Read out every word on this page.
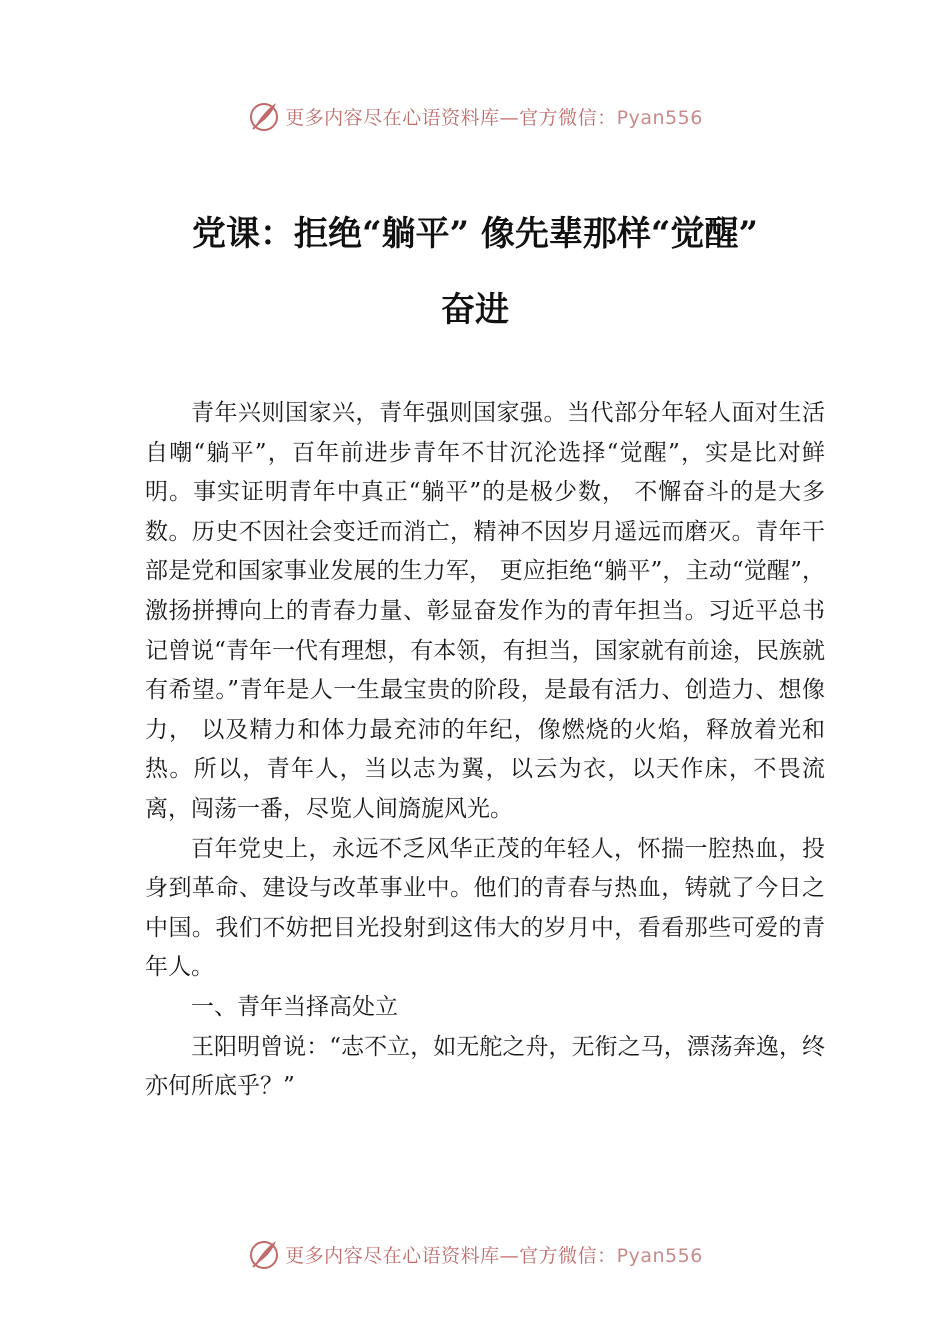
更多内容尽在心语资料库—官方微信：Pyan556
党课：拒绝“躺平” 像先辈那样“觉醒”
奋进

青年兴则国家兴，青年强则国家强。当代部分年轻人面对生活自嘲“躺平”，百年前进步青年不甘沉沦选择“觉醒”，实是比对鲜明。事实证明青年中真正“躺平”的是极少数， 不懈奋斗的是大多数。历史不因社会变迁而消亡，精神不因岁月遥远而磨灭。青年干部是党和国家事业发展的生力军， 更应拒绝“躺平”，主动“觉醒”，激扬拼搏向上的青春力量、彰显奋发作为的青年担当。习近平总书记曾说“青年一代有理想，有本领，有担当，国家就有前途，民族就有希望。”青年是人一生最宝贵的阶段，是最有活力、创造力、想像力， 以及精力和体力最充沛的年纪，像燃烧的火焰，释放着光和热。所以，青年人，当以志为翼，以云为衣，以天作床，不畏流离，闯荡一番，尽览人间旖旎风光。

百年党史上，永远不乏风华正茂的年轻人，怀揣一腔热血，投身到革命、建设与改革事业中。他们的青春与热血，铸就了今日之中国。我们不妨把目光投射到这伟大的岁月中，看看那些可爱的青年人。

一、青年当择高处立

王阳明曾说：“志不立，如无舵之舟，无衔之马，漂荡奔逸，终亦何所底乎？”

更多内容尽在心语资料库—官方微信：Pyan556
